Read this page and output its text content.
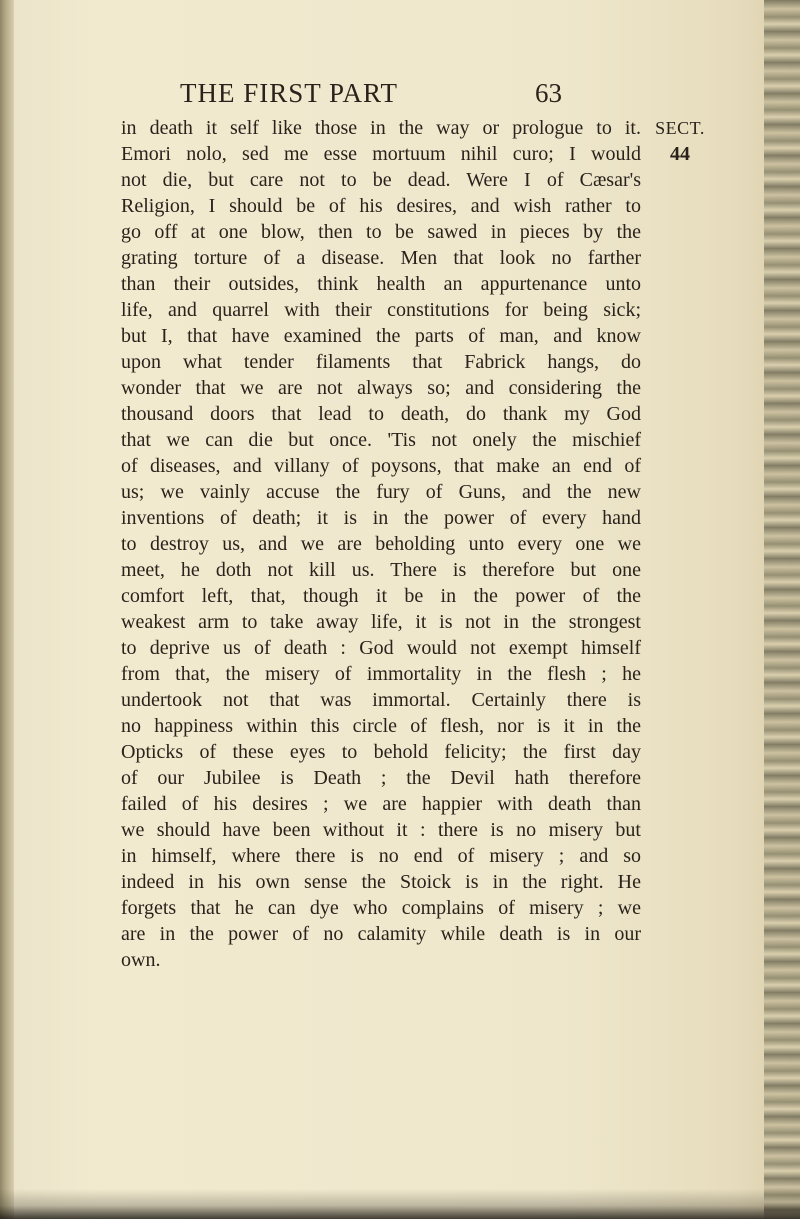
THE FIRST PART	63
in death it self like those in the way or prologue to it.
Emori nolo, sed me esse mortuum nihil curo; I would
not die, but care not to be dead. Were I of Cæsar's
Religion, I should be of his desires, and wish rather to
go off at one blow, then to be sawed in pieces by the
grating torture of a disease. Men that look no farther
than their outsides, think health an appurtenance unto
life, and quarrel with their constitutions for being sick;
but I, that have examined the parts of man, and know
upon what tender filaments that Fabrick hangs, do
wonder that we are not always so; and considering the
thousand doors that lead to death, do thank my God
that we can die but once. 'Tis not onely the mischief
of diseases, and villany of poysons, that make an end of
us; we vainly accuse the fury of Guns, and the new
inventions of death; it is in the power of every hand
to destroy us, and we are beholding unto every one we
meet, he doth not kill us. There is therefore but one
comfort left, that, though it be in the power of the
weakest arm to take away life, it is not in the strongest
to deprive us of death : God would not exempt himself
from that, the misery of immortality in the flesh ; he
undertook not that was immortal. Certainly there is
no happiness within this circle of flesh, nor is it in the
Opticks of these eyes to behold felicity; the first day
of our Jubilee is Death ; the Devil hath therefore
failed of his desires ; we are happier with death than
we should have been without it : there is no misery but
in himself, where there is no end of misery ; and so
indeed in his own sense the Stoick is in the right. He
forgets that he can dye who complains of misery ; we
are in the power of no calamity while death is in our
own.
SECT.
44
